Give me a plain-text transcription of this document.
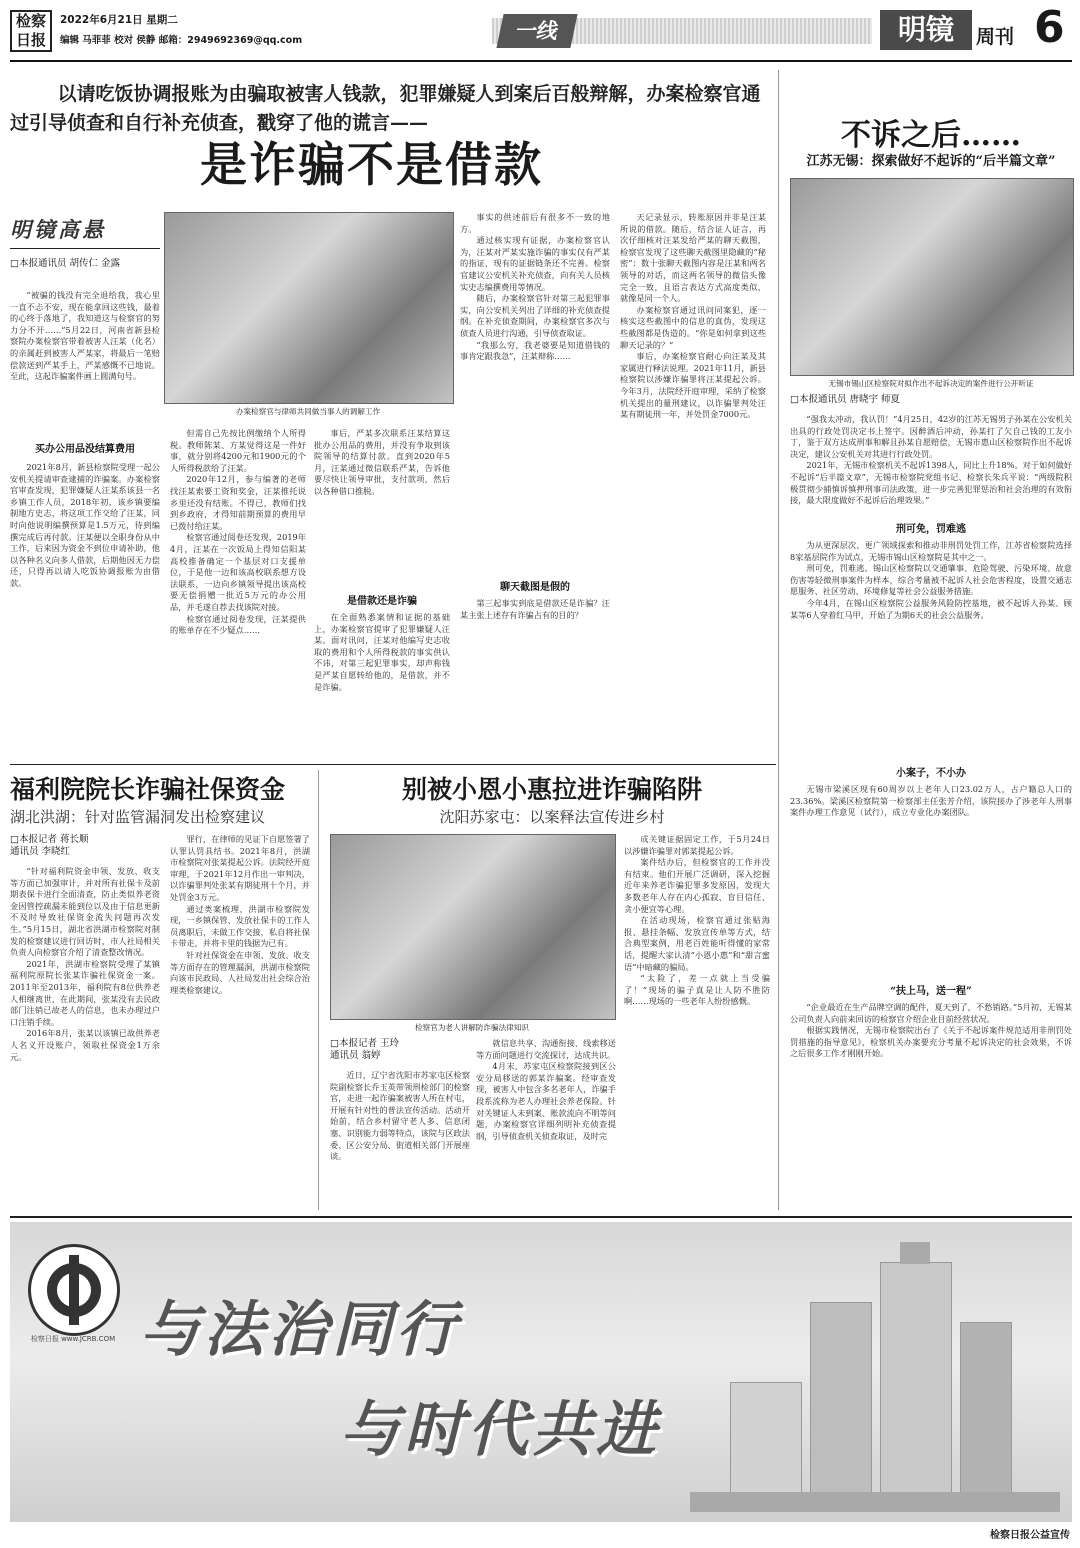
检察日报
2022年6月21日 星期二
编辑 马菲菲 校对 侯静 邮箱：2949692369@qq.com	一线	明镜	周刊 6
以请吃饭协调报账为由骗取被害人钱款，犯罪嫌疑人到案后百般辩解，办案检察官通过引导侦查和自行补充侦查，戳穿了他的谎言——
是诈骗不是借款
明镜高悬
□本报通讯员 胡传仁 金露

“被骗的钱没有完全退给我，我心里一直不忐不安，现在能拿回这些钱，最着的心终于落地了，我知道这与检察官的努力分不开……”5月22日，河南省新县检察院办案检察官带着被害人汪某（化名）的亲属赶到被害人严某家，将最后一笔赔偿款送到严某手上，严某感慨不已地说。至此，这起诈骗案件画上圆满句号。

买办公用品没结算费用

2021年8月，新县检察院受理一起公安机关提请审查逮捕的诈骗案。办案检察官审查发现，犯罪嫌疑人汪某系该县一名乡镇工作人员，2018年初，该乡镇要编制地方史志，将这项工作交给了汪某，同时向他说明编撰预算是1.5万元，待到编撰完成后再付款。汪某便以全职身份从中工作，后来因为资金不到位申请补助，他以各种名义向多人借款，后期他因无力偿还，只得再以请人吃饭协调报账为由借款。

办案检察官与律师共同做当事人的调解工作

但需自己先按比例缴纳个人所得税。教师陈某、方某觉得这是一件好事，就分别将4200元和1900元的个人所得税款给了汪某。

2020年12月，参与编著的老师找汪某索要工资和奖金，汪某推托说乡里还没有结账。不得已，教师们找到乡政府，才得知前期预算的费用早已拨付给汪某。

检察官通过阅卷还发现，2019年4月，汪某在一次饭局上得知信阳某高校推备确定一个基层对口支援单位，于是他一边和该高校联系想方设法联系，一边向乡镇领导提出该高校要无偿捐赠一批近5万元的办公用品，并毛遂自荐去找该院对接。

检察官通过阅卷发现，汪某提供的账单存在不少疑点……

事后，严某多次联系汪某结算这批办公用品的费用，并没有争取到该院领导的结算付款。直到2020年5月，汪某通过微信联系严某，告诉他要尽快让领导审批，支付款项，然后以各种借口推脱。

是借款还是诈骗

在全面熟悉案情和证据的基础上，办案检察官提审了犯罪嫌疑人汪某。面对讯问，汪某对他编写史志收取的费用和个人所得税款的事实供认不讳，对第三起犯罪事实，却声称钱是严某自愿转给他的，是借款，并不是诈骗。

事实的供述前后有很多不一致的地方。

通过核实现有证据，办案检察官认为，汪某对严某实施诈骗的事实仅有严某的指证，现有的证据链条还不完善。检察官建议公安机关补充侦查，向有关人员核实史志编撰费用等情况。

随后，办案检察官针对第三起犯罪事实，向公安机关列出了详细的补充侦查提纲。在补充侦查期间，办案检察官多次与侦查人员进行沟通，引导侦查取证。

“我那么穷，我老婆要是知道借钱的事肯定跟我急”，汪某辩称……

聊天截图是假的

第三起事实到底是借款还是诈骗？汪某主张上述存有诈骗占有的目的？

天记录显示，转账原因并非是汪某所说的借款。随后，结合证人证言，再次仔细核对汪某发给严某的聊天截图，检察官发现了这些聊天截图里隐藏的“秘密”：数十张聊天截图内容是汪某和两名领导的对话，而这两名领导的微信头像完全一致，且语言表达方式高度类似，就像是同一个人。

办案检察官通过讯问同案犯，逐一核实这些截图中的信息的真伪，发现这些截图都是伪造的。“你是如何拿到这些聊天记录的？”

事后，办案检察官耐心向汪某及其家属进行释法说理。2021年11月，新县检察院以涉嫌诈骗罪将汪某提起公诉。今年3月，法院经开庭审理，采纳了检察机关提出的量刑建议，以诈骗罪判处汪某有期徒刑一年，并处罚金7000元。

不诉之后……
江苏无锡：探索做好不起诉的“后半篇文章”
无锡市锡山区检察院对拟作出不起诉决定的案件进行公开听证
□本报通讯员 唐晓宇 师夏

“强我太冲动，我认罚！”4月25日，42岁的江苏无锡男子孙某在公安机关出具的行政处罚决定书上签字。因醉酒后冲动，孙某打了欠自己钱的工友小丁，鉴于双方达成刑事和解且孙某自愿赔偿，无锡市惠山区检察院作出不起诉决定，建议公安机关对其进行行政处罚。

2021年，无锡市检察机关不起诉1398人，同比上升18%。对于如何做好不起诉“后半篇文章”，无锡市检察院党组书记、检察长朱兵平说：“两级院积极贯彻少捕慎诉慎押刑事司法政策，进一步完善犯罪惩治和社会治理的有效衔接，最大限度做好不起诉后治理效果。”

刑可免，罚难逃

为从更深层次、更广领域探索和推动非刑罚处罚工作，江苏省检察院选择8家基层院作为试点，无锡市锡山区检察院是其中之一。

刑可免，罚难逃。锡山区检察院以交通肇事、危险驾驶、污染环境、故意伤害等轻微刑事案件为样本，综合考量被不起诉人社会危害程度，设置交通志愿服务、社区劳动、环境修复等社会公益服务措施。

今年4月，在锡山区检察院公益服务风险防控基地，被不起诉人孙某、顾某等6人穿着红马甲，开始了为期6天的社会公益服务。

小案子，不小办

无锡市梁溪区现有60周岁以上老年人口23.02万人，占户籍总人口的23.36%。梁溪区检察院第一检察部主任张芳介绍，该院接办了涉老年人刑事案件办理工作意见（试行），成立专业化办案团队。

“扶上马，送一程”

“企业最近在生产品牌空调的配件，夏天到了，不愁销路。”5月初，无锡某公司负责人向前来回访的检察官介绍企业目前经营状况。

根据实践情况，无锡市检察院出台了《关于不起诉案件规范适用非刑罚处罚措施的指导意见》，检察机关办案要充分考量不起诉决定的社会效果，不诉之后很多工作才刚刚开始。

福利院院长诈骗社保资金
湖北洪湖：针对监管漏洞发出检察建议
□本报记者 蒋长顺
通讯员 李晓红

“针对福利院资金申领、发放、收支等方面已加强审计，并对所有社保卡及前期表保卡进行全面清查，防止类似养老资金因管控疏漏未能到位以及由于信息更新不及时导致社保资金流失问题再次发生。”5月15日，湖北省洪湖市检察院对制发的检察建议进行回访时，市人社局相关负责人向检察官介绍了清查整改情况。

2021年，洪湖市检察院受理了某镇福利院原院长张某诈骗社保资金一案。2011年至2013年，福利院有8位供养老人相继离世，在此期间，张某没有去民政部门注销已故老人的信息，也未办理过户口注销手续。

2016年8月，张某以该镇已故供养老人名义开设账户，领取社保资金1万余元。

罪行，在律师的见证下自愿签署了认罪认罚具结书。2021年8月，洪湖市检察院对张某提起公诉。法院经开庭审理，于2021年12月作出一审判决，以诈骗罪判处张某有期徒刑十个月，并处罚金3万元。

通过类案梳理，洪湖市检察院发现，一乡镇保管、发放社保卡的工作人员离职后，未做工作交接，私自将社保卡带走，并将卡里的钱据为已有。

针对社保资金在申领、发放、收支等方面存在的管理漏洞，洪湖市检察院向该市民政局、人社局发出社会综合治理类检察建议。

别被小恩小惠拉进诈骗陷阱
沈阳苏家屯：以案释法宣传进乡村
检察官为老人讲解防诈骗法律知识
□本报记者 王玲
通讯员 翁婷

近日，辽宁省沈阳市苏家屯区检察院副检察长乔玉英带领刑检部门的检察官，走进一起诈骗案被害人所在村屯，开展有针对性的普法宣传活动。活动开始前，结合乡村留守老人多、信息闭塞、识别能力弱等特点，该院与区政法委、区公安分局、街道相关部门开展座谈。

就信息共享、沟通衔接、线索移送等方面问题进行交流探讨，达成共识。

4月末，苏家屯区检察院接到区公安分局移送的郭某诈骗案。经审查发现，被害人中包含多名老年人，诈骗手段系流称为老人办理社会养老保险。针对关键证人未到案、账款流向不明等问题，办案检察官详细列明补充侦查提纲，引导侦查机关侦查取证，及时完

成关键证据固定工作，于5月24日以涉嫌诈骗罪对郭某提起公诉。

案件结办后，但检察官的工作并没有结束。他们开展广泛调研，深入挖掘近年来养老诈骗犯罪多发原因，发现大多数老年人存在内心孤寂、盲目信任、贪小便宜等心理。

在活动现场，检察官通过张贴海报、悬挂条幅、发放宣传单等方式，结合典型案例，用老百姓能听得懂的家常话，提醒大家认清“小恩小惠”和“甜言蜜语”中暗藏的骗局。

“太险了，差一点就上当受骗了！”现场的骗子真是让人防不胜防啊……现场的一些老年人纷纷感慨。

检察日报 www.JCRB.COM 与法治同行
与时代共进
检察日报公益宣传
